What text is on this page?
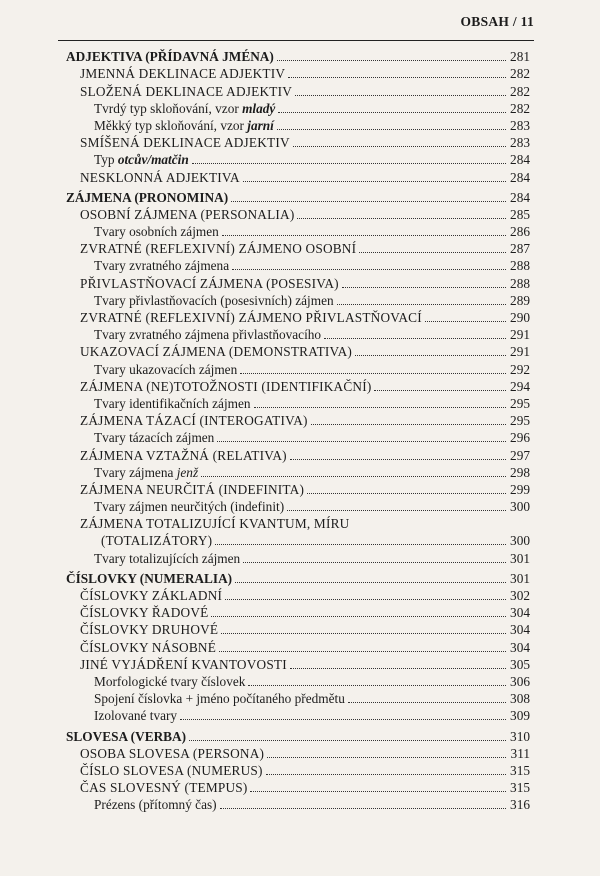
OBSAH / 11
ADJEKTIVA (PŘÍDAVNÁ JMÉNA)	281
JMENNÁ DEKLINACE ADJEKTIV	282
SLOŽENÁ DEKLINACE ADJEKTIV	282
Tvrdý typ skloňování, vzor mladý	282
Měkký typ skloňování, vzor jarní	283
SMÍŠENÁ DEKLINACE ADJEKTIV	283
Typ otcův/matčin	284
NESKLONNÁ ADJEKTIVA	284
ZÁJMENA (PRONOMINA)	284
OSOBNÍ ZÁJMENA (PERSONALIA)	285
Tvary osobních zájmen	286
ZVRATNÉ (REFLEXIVNÍ) ZÁJMENO OSOBNÍ	287
Tvary zvratného zájmena	288
PŘIVLASTŇOVACÍ ZÁJMENA (POSESIVA)	288
Tvary přivlastňovacích (posesivních) zájmen	289
ZVRATNÉ (REFLEXIVNÍ) ZÁJMENO PŘIVLASTŇOVACÍ	290
Tvary zvratného zájmena přivlastňovacího	291
UKAZOVACÍ ZÁJMENA (DEMONSTRATIVA)	291
Tvary ukazovacích zájmen	292
ZÁJMENA (NE)TOTOŽNOSTI (IDENTIFIKAČNÍ)	294
Tvary identifikačních zájmen	295
ZÁJMENA TÁZACÍ (INTEROGATIVA)	295
Tvary tázacích zájmen	296
ZÁJMENA VZTAŽNÁ (RELATIVA)	297
Tvary zájmena jenž	298
ZÁJMENA NEURČITÁ (INDEFINITA)	299
Tvary zájmen neurčitých (indefinit)	300
ZÁJMENA TOTALIZUJÍCÍ KVANTUM, MÍRU
(TOTALIZÁTORY)	300
Tvary totalizujících zájmen	301
ČÍSLOVKY (NUMERALIA)	301
ČÍSLOVKY ZÁKLADNÍ	302
ČÍSLOVKY ŘADOVÉ	304
ČÍSLOVKY DRUHOVÉ	304
ČÍSLOVKY NÁSOBNÉ	304
JINÉ VYJÁDŘENÍ KVANTOVOSTI	305
Morfologické tvary číslovek	306
Spojení číslovka + jméno počítaného předmětu	308
Izolované tvary	309
SLOVESA (VERBA)	310
OSOBA SLOVESA (PERSONA)	311
ČÍSLO SLOVESA (NUMERUS)	315
ČAS SLOVESNÝ (TEMPUS)	315
Prézens (přítomný čas)	316
